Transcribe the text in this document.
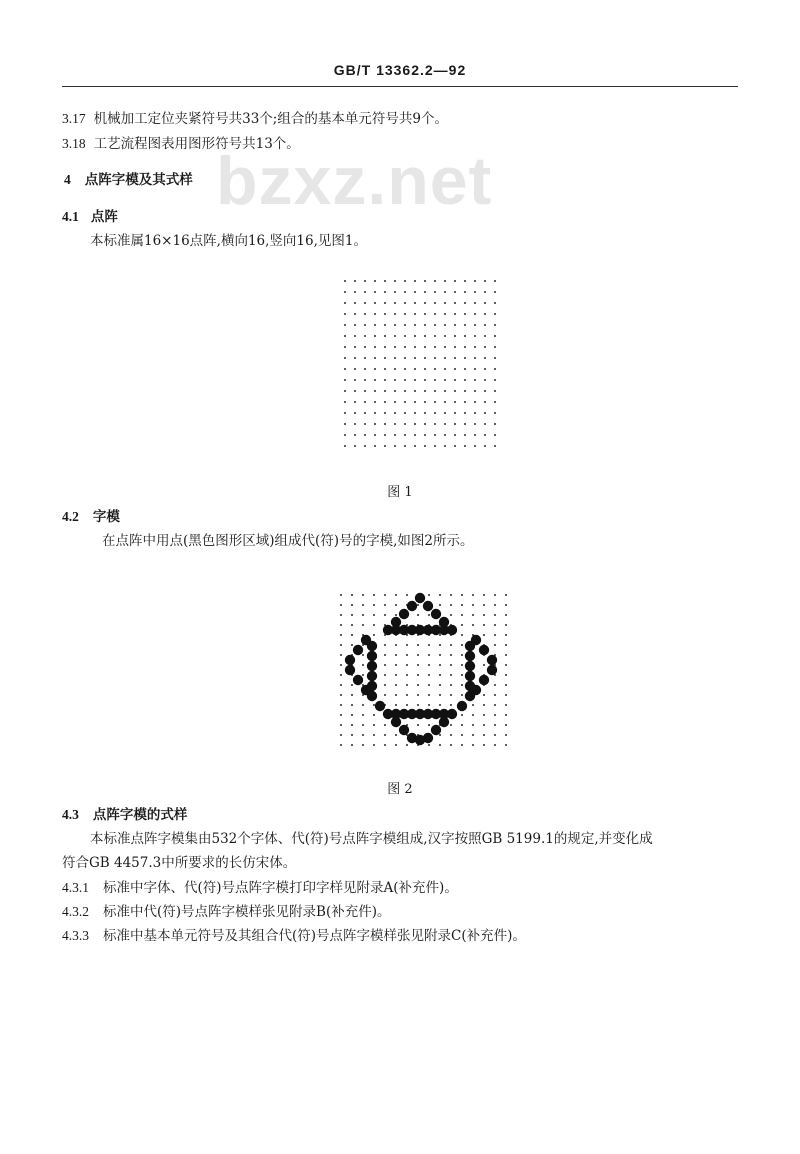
GB/T 13362.2—92
bzxz.net
3.17 机械加工定位夹紧符号共33个;组合的基本单元符号共9个。
3.18 工艺流程图表用图形符号共13个。
4 点阵字模及其式样
4.1 点阵
本标准属16×16点阵,横向16,竖向16,见图1。
图 1
4.2 字模
在点阵中用点(黑色图形区域)组成代(符)号的字模,如图2所示。
图 2
4.3 点阵字模的式样
本标准点阵字模集由532个字体、代(符)号点阵字模组成,汉字按照GB 5199.1的规定,并变化成
符合GB 4457.3中所要求的长仿宋体。
4.3.1 标准中字体、代(符)号点阵字模打印字样见附录A(补充件)。
4.3.2 标准中代(符)号点阵字模样张见附录B(补充件)。
4.3.3 标准中基本单元符号及其组合代(符)号点阵字模样张见附录C(补充件)。
